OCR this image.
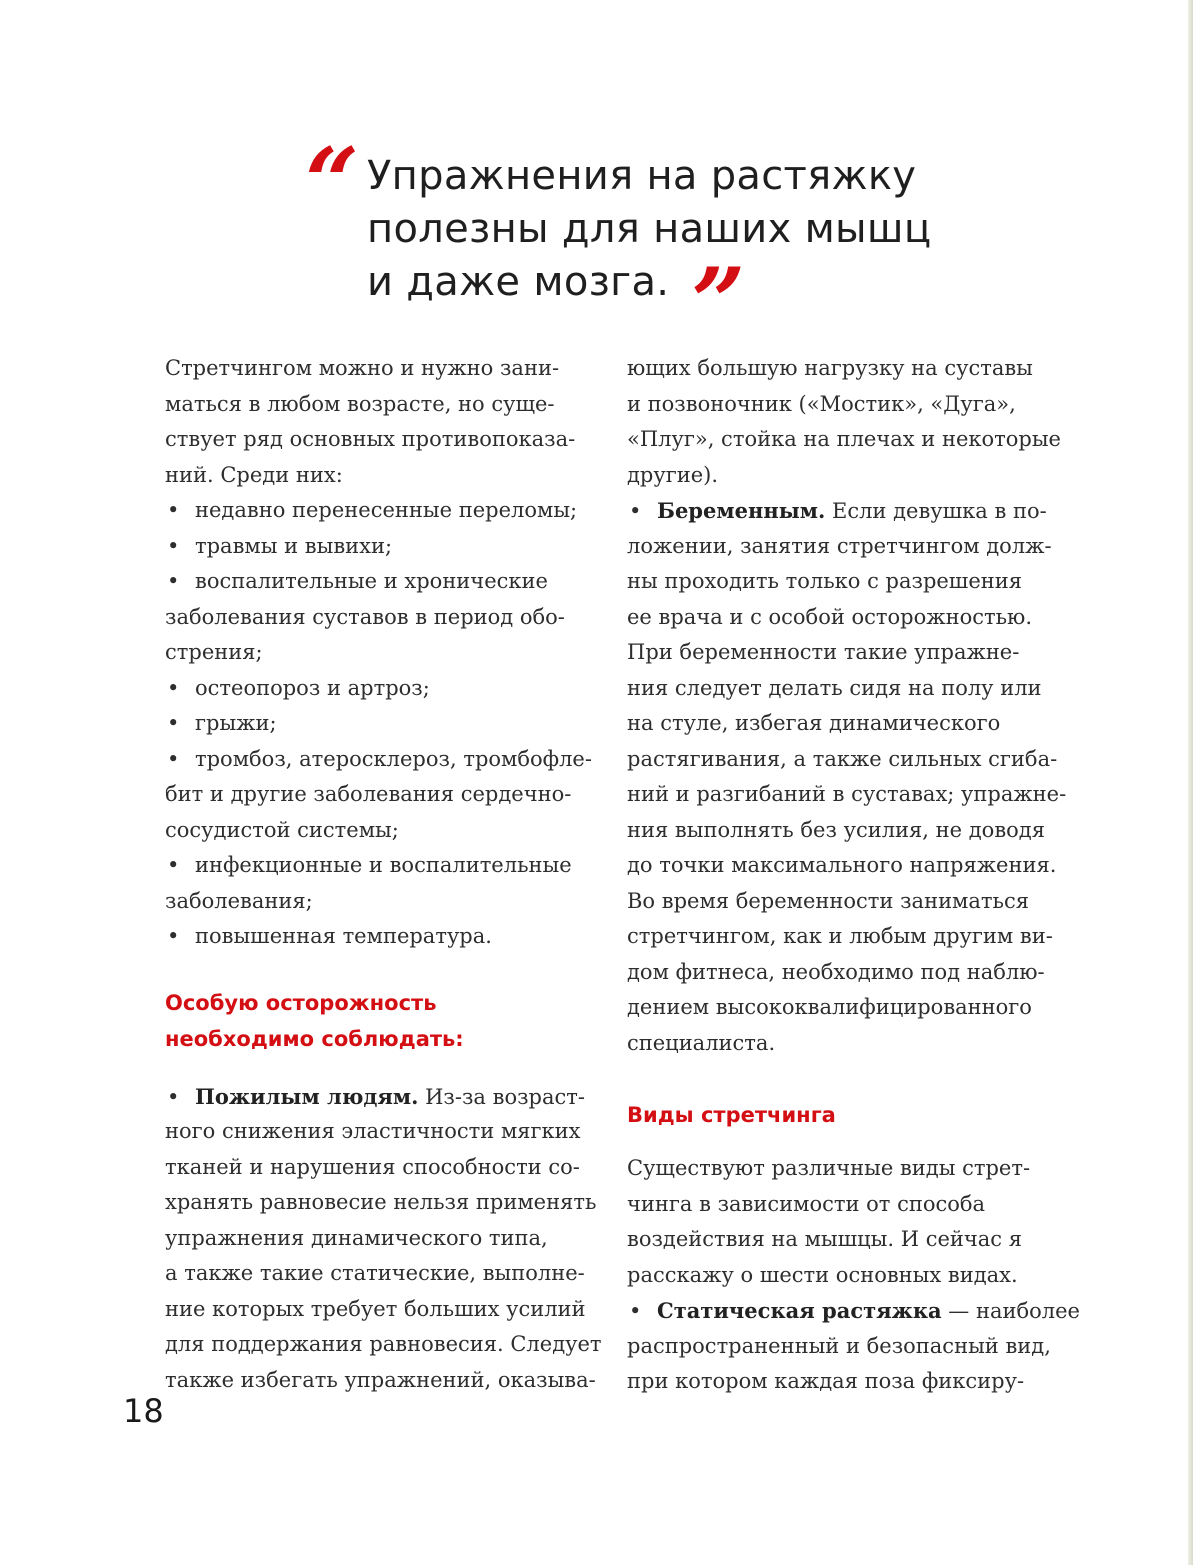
“ Упражнения на растяжку
полезны для наших мышц
и даже мозга. ”
Стретчингом можно и нужно зани-
маться в любом возрасте, но суще-
ствует ряд основных противопоказа-
ний. Среди них:
• недавно перенесенные переломы;
• травмы и вывихи;
• воспалительные и хронические
заболевания суставов в период обо-
стрения;
• остеопороз и артроз;
• грыжи;
• тромбоз, атеросклероз, тромбофле-
бит и другие заболевания сердечно-
сосудистой системы;
• инфекционные и воспалительные
заболевания;
• повышенная температура.
Особую осторожность
необходимо соблюдать:
• Пожилым людям. Из-за возраст-
ного снижения эластичности мягких
тканей и нарушения способности со-
хранять равновесие нельзя применять
упражнения динамического типа,
а также такие статические, выполне-
ние которых требует больших усилий
для поддержания равновесия. Следует
также избегать упражнений, оказыва-
ющих большую нагрузку на суставы
и позвоночник («Мостик», «Дуга»,
«Плуг», стойка на плечах и некоторые
другие).
• Беременным. Если девушка в по-
ложении, занятия стретчингом долж-
ны проходить только с разрешения
ее врача и с особой осторожностью.
При беременности такие упражне-
ния следует делать сидя на полу или
на стуле, избегая динамического
растягивания, а также сильных сгиба-
ний и разгибаний в суставах; упражне-
ния выполнять без усилия, не доводя
до точки максимального напряжения.
Во время беременности заниматься
стретчингом, как и любым другим ви-
дом фитнеса, необходимо под наблю-
дением высококвалифицированного
специалиста.
Виды стретчинга
Существуют различные виды стрет-
чинга в зависимости от способа
воздействия на мышцы. И сейчас я
расскажу о шести основных видах.
• Статическая растяжка — наиболее
распространенный и безопасный вид,
при котором каждая поза фиксиру-
18
